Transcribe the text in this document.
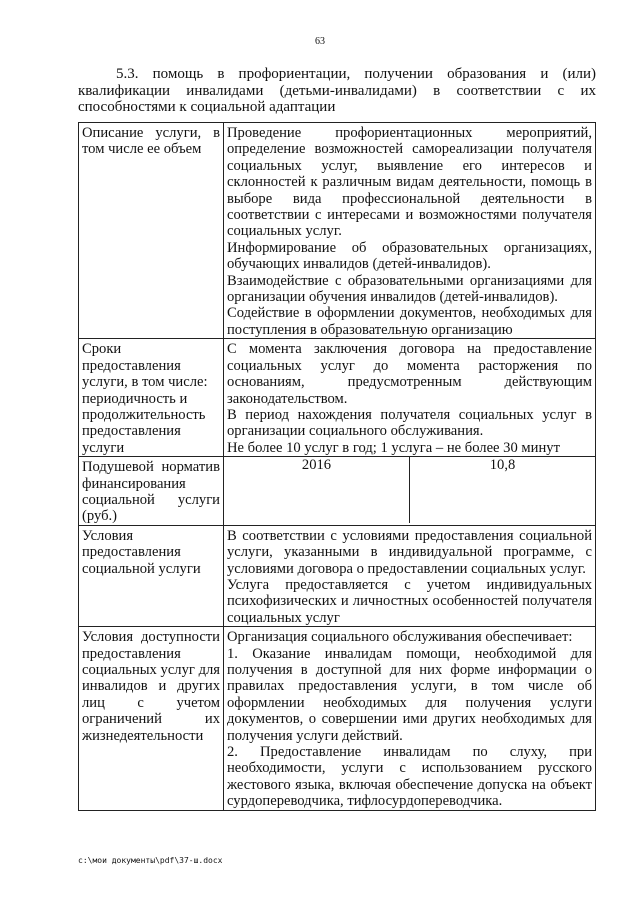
63
5.3. помощь в профориентации, получении образования и (или) квалификации инвалидами (детьми-инвалидами) в соответствии с их способностями к социальной адаптации
Описание услуги, в том числе ее объем	Проведение профориентационных мероприятий, определение возможностей самореализации получателя социальных услуг, выявление его интересов и склонностей к различным видам деятельности, помощь в выборе вида профессиональной деятельности в соответствии с интересами и возможностями получателя социальных услуг.

Информирование об образовательных организациях, обучающих инвалидов (детей-инвалидов).

Взаимодействие с образовательными организациями для организации обучения инвалидов (детей-инвалидов).

Содействие в оформлении документов, необходимых для поступления в образовательную организацию

Сроки предоставления услуги, в том числе: периодичность и продолжительность предоставления услуги	С момента заключения договора на предоставление социальных услуг до момента расторжения по основаниям, предусмотренным действующим законодательством.

В период нахождения получателя социальных услуг в организации социального обслуживания.

Не более 10 услуг в год; 1 услуга – не более 30 минут

Подушевой норматив финансирования социальной услуги (руб.)	2016 10,8

Условия предоставления социальной услуги	В соответствии с условиями предоставления социальной услуги, указанными в индивидуальной программе, с условиями договора о предоставлении социальных услуг.

Услуга предоставляется с учетом индивидуальных психофизических и личностных особенностей получателя социальных услуг

Условия доступности предоставления социальных услуг для инвалидов и других лиц с учетом ограничений их жизнедеятельности	Организация социального обслуживания обеспечивает:

1. Оказание инвалидам помощи, необходимой для получения в доступной для них форме информации о правилах предоставления услуги, в том числе об оформлении необходимых для получения услуги документов, о совершении ими других необходимых для получения услуги действий.

2. Предоставление инвалидам по слуху, при необходимости, услуги с использованием русского жестового языка, включая обеспечение допуска на объект сурдопереводчика, тифлосурдопереводчика.

c:\мои документы\pdf\37-ш.docx
